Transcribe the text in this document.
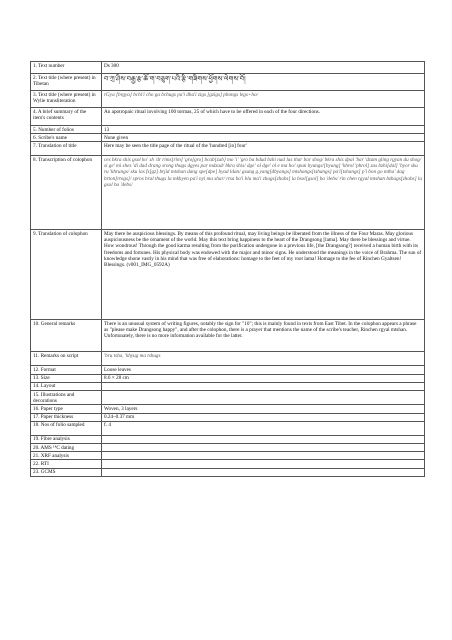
1. Text number	Ds 300
2. Text title (where present) in Tibetan	བ་ཀྲ་ཤིས་བརྒྱ་རྩ་ཆོ་ག་བཅུག་པའི་རྩི་གཟིགས་ཕྱོགས་ལེགས་བོ།
3. Text title (where present) in Wylie transliteration	rGya [brgya] bchi'i cho ga bchugs pa'i dha'i zigs [gzigs] phongs legs+ho/
4. A brief summary of the item's contents	An apotropaic ritual involving 100 tormas, 25 of which have to be offered in each of the four directions.
5. Number of folios	13
6. Scribe's name	None given
7. Translation of title	Here may be seen the title page of the ritual of the 'hundred [in] four'
8. Transcription of colophon	ces bkra shis gsol ko' sh 'dr rims[rim] 'gro[gro] bcab[zab] mo 'i' 'gro ba bdud bzhi nad las thar bar shog/ bkra shis dpal 'bar 'dzam gling rgyan du shog/ si ge' mi shes 'di dad drang srong thugs dgyes par mdzad/ bkra shis/ dge' ol dge' ol e ma ho/ spun byungs/[byung] 'khrol 'phrol] zas bzhi[dal] 'byor sku ru 'khrungs/ sku las fs[gz] brjid mtshan dang spe[dpe] byad ldan/ gsung g.yang[dbyangs] mtshangs[tshangs] pa'i[tshangs] p'i bon go mtha' dag brton[rtogs]/ spros bral thugs la mkhyen pa'i nyi ma shar/ rtsa ba'i bla ma'i zhags[zhabs] la bsol[gsol] ba 'debs/ rin chen rgyal mtshan bzhags[zhabs] la gsol ba 'debs/
9. Translation of colophon	May there be auspicious blessings. By means of this profound ritual, may living beings be liberated from the illness of the Four Maras. May glorious auspiciousness be the ornament of the world. May this text bring happiness to the heart of the Drangsong [lama]. May there be blessings and virtue. How wondrous! Through the good karma resulting from the purification undergone in a previous life, [the Drangsong?] received a human birth with its freedoms and fortunes. His physical body was endowed with the major and minor signs. He understood the meanings in the voice of Brahma. The sun of knowledge shone vastly in his mind that was free of elaborations: homage to the feet of my root lama! Homage to the fee of Rinchen Gyaltsen! Blessings. (v001_IMG_0592A)
10. General remarks	There is an unusual system of writing figures, notably the sign for "10"; this is mainly found in texts from East Tibet. In the colophon appears a phrase as "please make Drangsong happy", and after the colophon, there is a prayer that mentions the name of the scribe's teacher, Rinchen rgyal mtshan. Unfortunately, there is no more information available for the latter.
11. Remarks on script	'bru tsha, 'khyug ma tshugs
12. Format	Loose leaves
13. Size	8.6 × 28 cm
14. Layout	
15. Illustrations and decorations	
16. Paper type	Woven, 3 layers
17. Paper thickness	0.24–0.37 mm
18. Nos of folio sampled	f. 4
19. Fibre analysis	
20. AMS ¹⁴C dating	
21. XRF analysis	
22. RTI	
23. GCMS	
